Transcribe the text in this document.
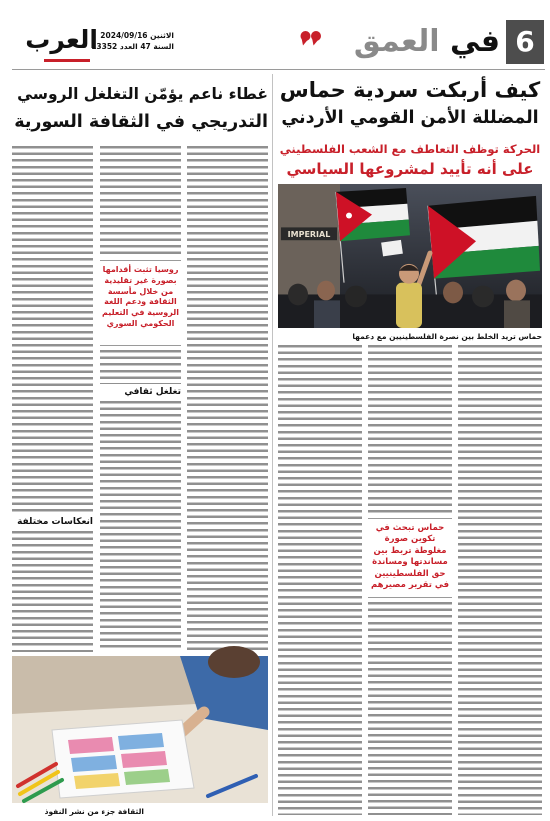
6
في العمق
العرب الاثنين 2024/09/16
السنة 47 العدد 13352
كيف أربكت سردية حماس
المضللة الأمن القومي الأردني
الحركة توظف التعاطف مع الشعب الفلسطيني
على أنه تأييد لمشروعها السياسي
IMPERIAL
حماس تريد الخلط بين نصرة الفلسطينيين مع دعمها
حماس تبحث في تكوين صورة مغلوطة تربط بين مساندتها ومساندة حق الفلسطينيين في تقرير مصيرهم
غطاء ناعم يؤمّن التغلغل الروسي
التدريجي في الثقافة السورية
روسيا تثبت أقدامها بصورة غير تقليدية من خلال مأسسة الثقافة ودعم اللغة الروسية في التعليم الحكومي السوري
تغلغل ثقافي
انعكاسات مختلفة
الثقافة جزء من نشر النفوذ
